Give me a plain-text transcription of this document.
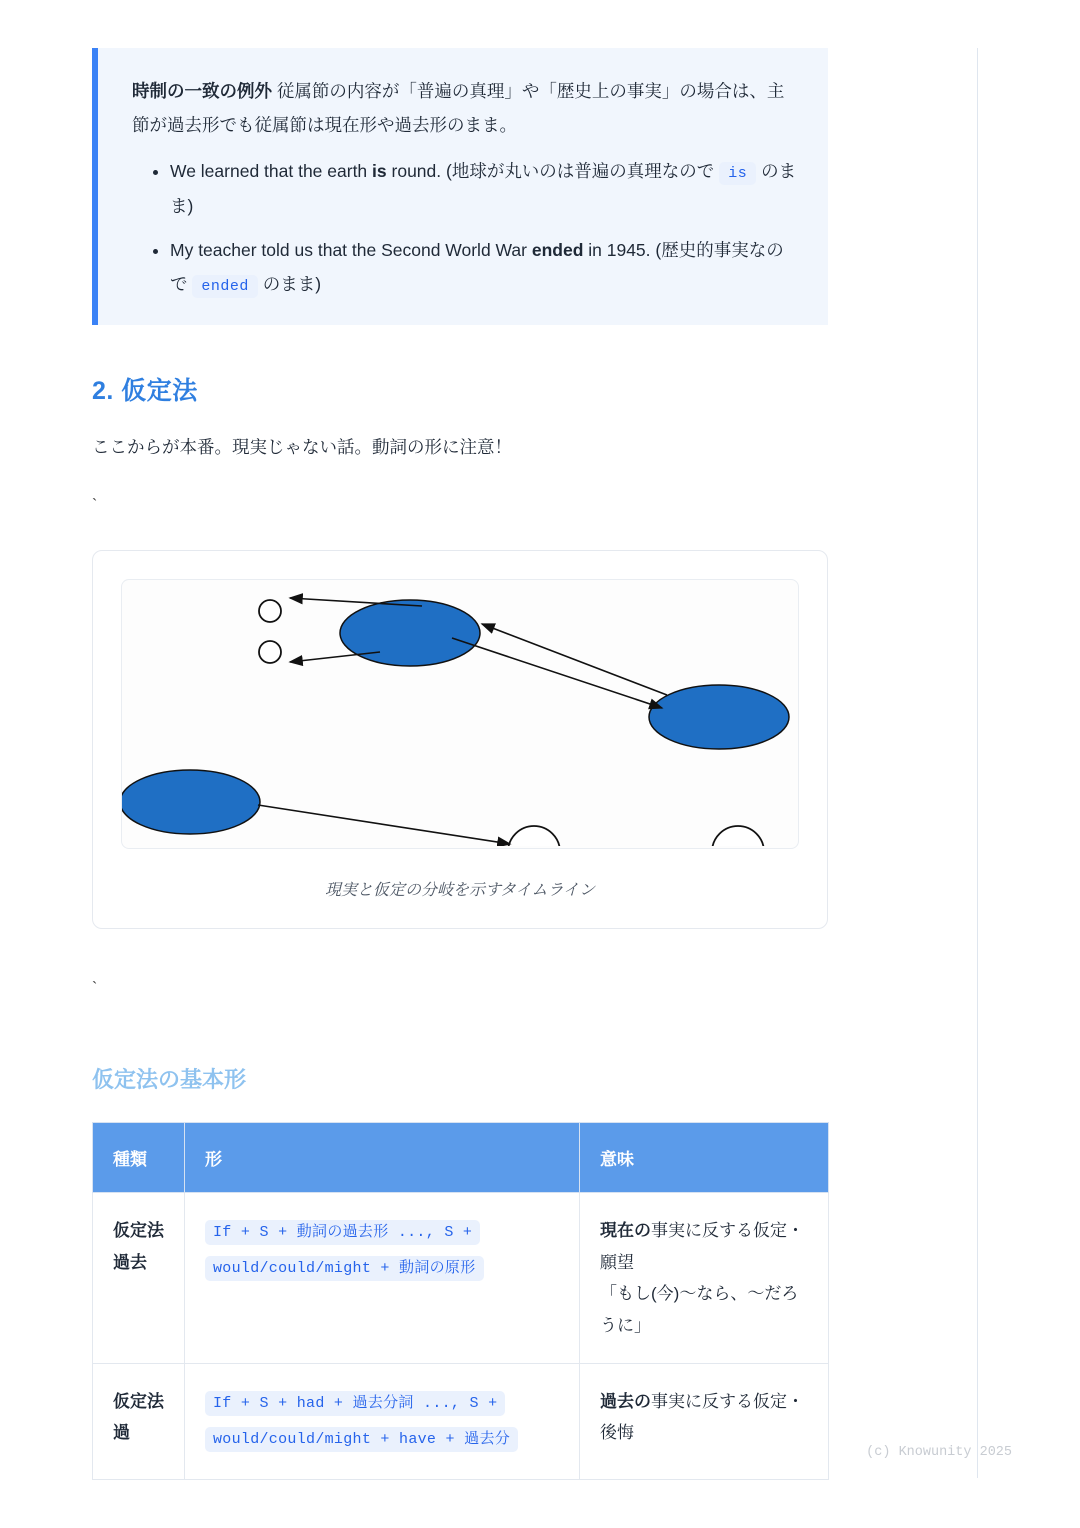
時制の一致の例外 従属節の内容が「普遍の真理」や「歴史上の事実」の場合は、主節が過去形でも従属節は現在形や過去形のまま。

• We learned that the earth is round. (地球が丸いのは普遍の真理なので is のまま)
• My teacher told us that the Second World War ended in 1945. (歴史的事実なので ended のまま)
2. 仮定法

ここからが本番。現実じゃない話。動詞の形に注意！

`

現実と仮定の分岐を示すタイムライン

`

仮定法の基本形
種類	形	意味
仮定法過去	If + S + 動詞の過去形 ..., S + would/could/might + 動詞の原形	現在の事実に反する仮定・願望
「もし(今)〜なら、〜だろうに」
仮定法過	If + S + had + 過去分詞 ..., S + would/could/might + have + 過去分	過去の事実に反する仮定・後悔
(c) Knowunity 2025
